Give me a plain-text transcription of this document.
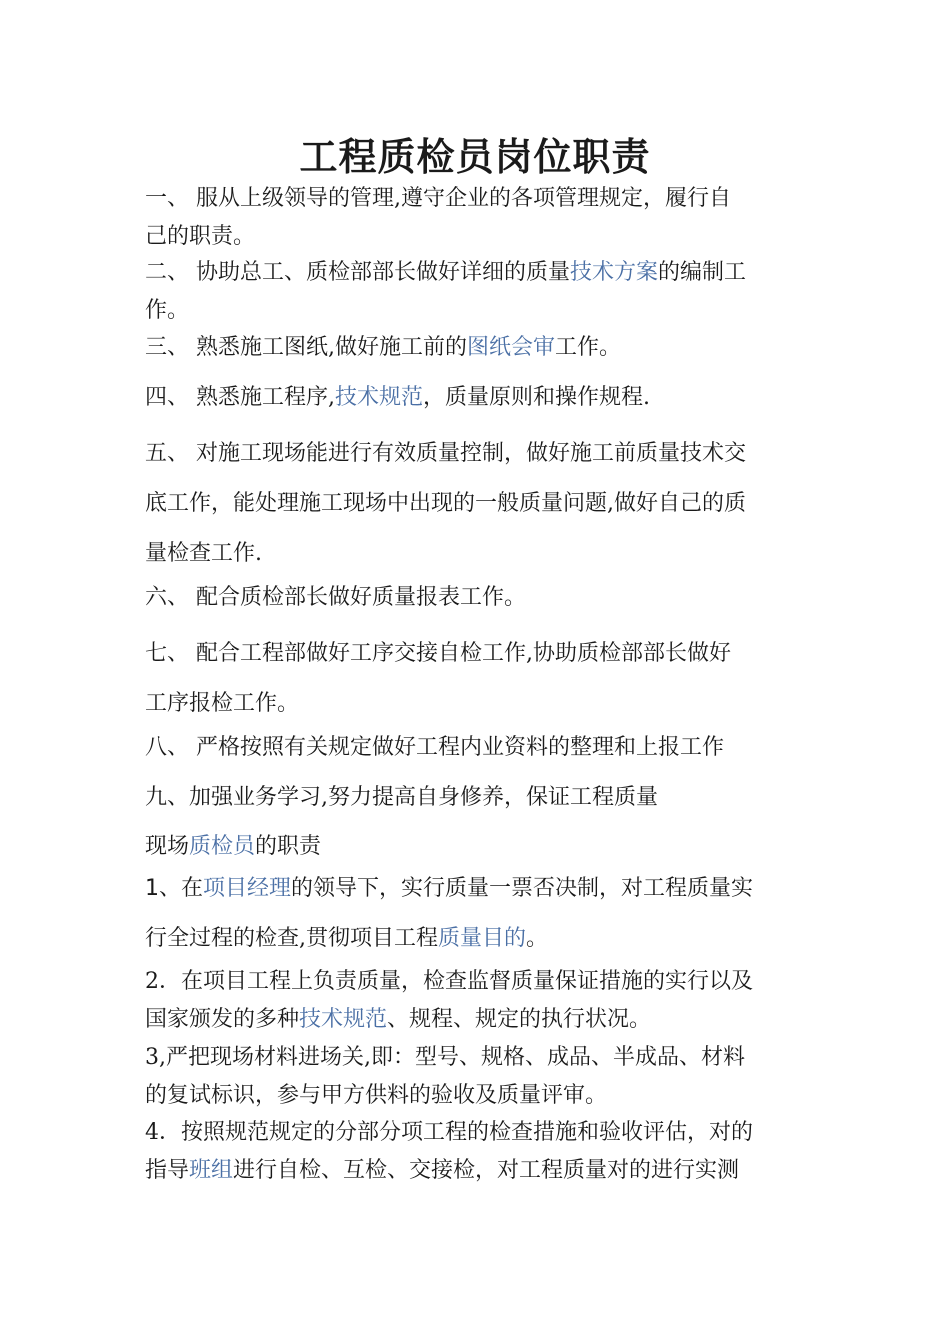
工程质检员岗位职责
一、 服从上级领导的管理,遵守企业的各项管理规定，履行自
己的职责。
二、 协助总工、质检部部长做好详细的质量技术方案的编制工
作。
三、 熟悉施工图纸,做好施工前的图纸会审工作。
四、 熟悉施工程序,技术规范，质量原则和操作规程.
五、 对施工现场能进行有效质量控制，做好施工前质量技术交
底工作，能处理施工现场中出现的一般质量问题,做好自己的质
量检查工作.
六、 配合质检部长做好质量报表工作。
七、 配合工程部做好工序交接自检工作,协助质检部部长做好
工序报检工作。
八、 严格按照有关规定做好工程内业资料的整理和上报工作
九、加强业务学习,努力提高自身修养，保证工程质量
现场质检员的职责
1、在项目经理的领导下，实行质量一票否决制，对工程质量实
行全过程的检查,贯彻项目工程质量目的。
2．在项目工程上负责质量，检查监督质量保证措施的实行以及
国家颁发的多种技术规范、规程、规定的执行状况。
3,严把现场材料进场关,即：型号、规格、成品、半成品、材料
的复试标识，参与甲方供料的验收及质量评审。
4．按照规范规定的分部分项工程的检查措施和验收评估，对的
指导班组进行自检、互检、交接检，对工程质量对的进行实测
